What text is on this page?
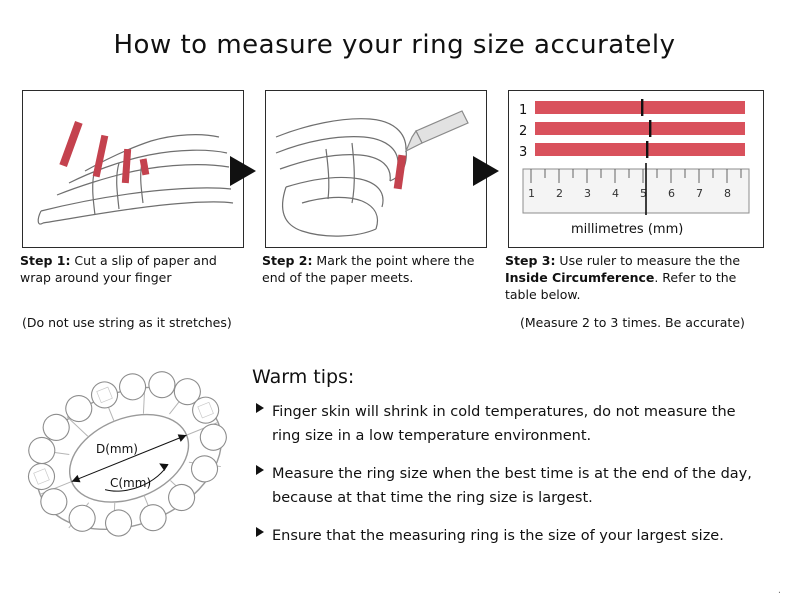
How to measure your ring size accurately
1
2
3
1 2 3 4 5 6 7 8
millimetres (mm)
Step 1: Cut a slip of paper and wrap around your finger
Step 2: Mark the point where the end of the paper meets.
Step 3: Use ruler to measure the the Inside Circumference. Refer to the table below.
(Do not use string as it stretches)	(Measure 2 to 3 times. Be accurate)
D(mm)
C(mm)
Warm tips:
Finger skin will shrink in cold temperatures, do not measure the ring size in a low temperature environment.
Measure the ring size when the best time is at the end of the day, because at that time the ring size is largest.
Ensure that the measuring ring is the size of your largest size.
.
